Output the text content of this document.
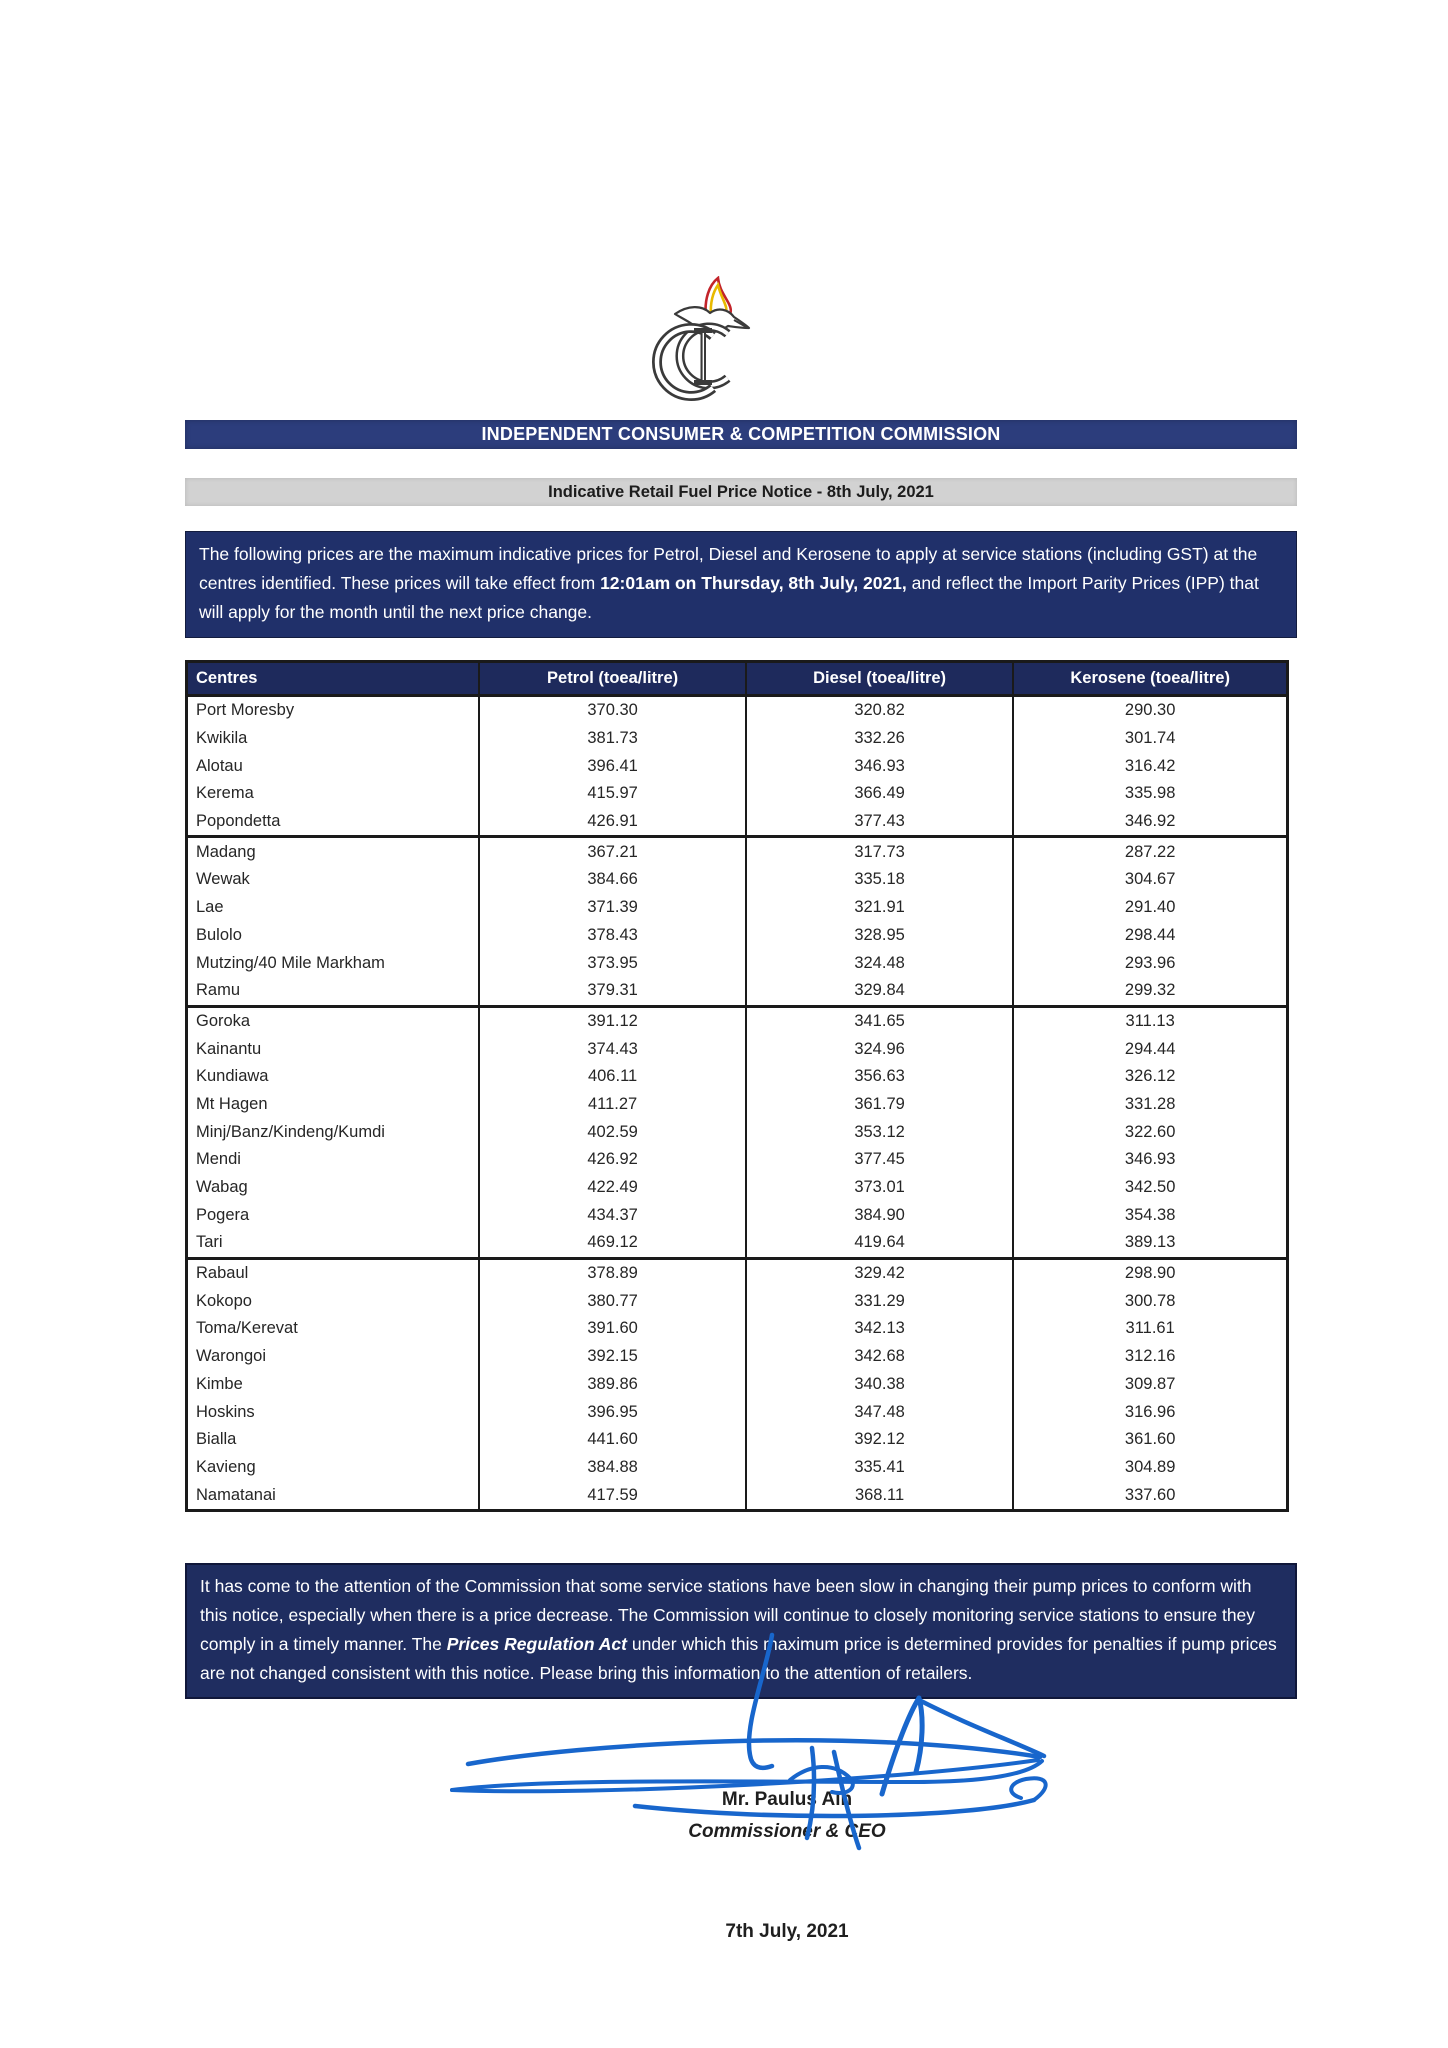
INDEPENDENT CONSUMER & COMPETITION COMMISSION
Indicative Retail Fuel Price Notice - 8th July, 2021
The following prices are the maximum indicative prices for Petrol, Diesel and Kerosene to apply at service stations (including GST) at the centres identified. These prices will take effect from 12:01am on Thursday, 8th July, 2021, and reflect the Import Parity Prices (IPP) that will apply for the month until the next price change.
Centres	Petrol (toea/litre)	Diesel (toea/litre)	Kerosene (toea/litre)
Port Moresby	370.30	320.82	290.30
Kwikila	381.73	332.26	301.74
Alotau	396.41	346.93	316.42
Kerema	415.97	366.49	335.98
Popondetta	426.91	377.43	346.92
Madang	367.21	317.73	287.22
Wewak	384.66	335.18	304.67
Lae	371.39	321.91	291.40
Bulolo	378.43	328.95	298.44
Mutzing/40 Mile Markham	373.95	324.48	293.96
Ramu	379.31	329.84	299.32
Goroka	391.12	341.65	311.13
Kainantu	374.43	324.96	294.44
Kundiawa	406.11	356.63	326.12
Mt Hagen	411.27	361.79	331.28
Minj/Banz/Kindeng/Kumdi	402.59	353.12	322.60
Mendi	426.92	377.45	346.93
Wabag	422.49	373.01	342.50
Pogera	434.37	384.90	354.38
Tari	469.12	419.64	389.13
Rabaul	378.89	329.42	298.90
Kokopo	380.77	331.29	300.78
Toma/Kerevat	391.60	342.13	311.61
Warongoi	392.15	342.68	312.16
Kimbe	389.86	340.38	309.87
Hoskins	396.95	347.48	316.96
Bialla	441.60	392.12	361.60
Kavieng	384.88	335.41	304.89
Namatanai	417.59	368.11	337.60
It has come to the attention of the Commission that some service stations have been slow in changing their pump prices to conform with this notice, especially when there is a price decrease. The Commission will continue to closely monitoring service stations to ensure they comply in a timely manner. The Prices Regulation Act under which this maximum price is determined provides for penalties if pump prices are not changed consistent with this notice. Please bring this information to the attention of retailers.
Mr. Paulus Ain
Commissioner & CEO
7th July, 2021
